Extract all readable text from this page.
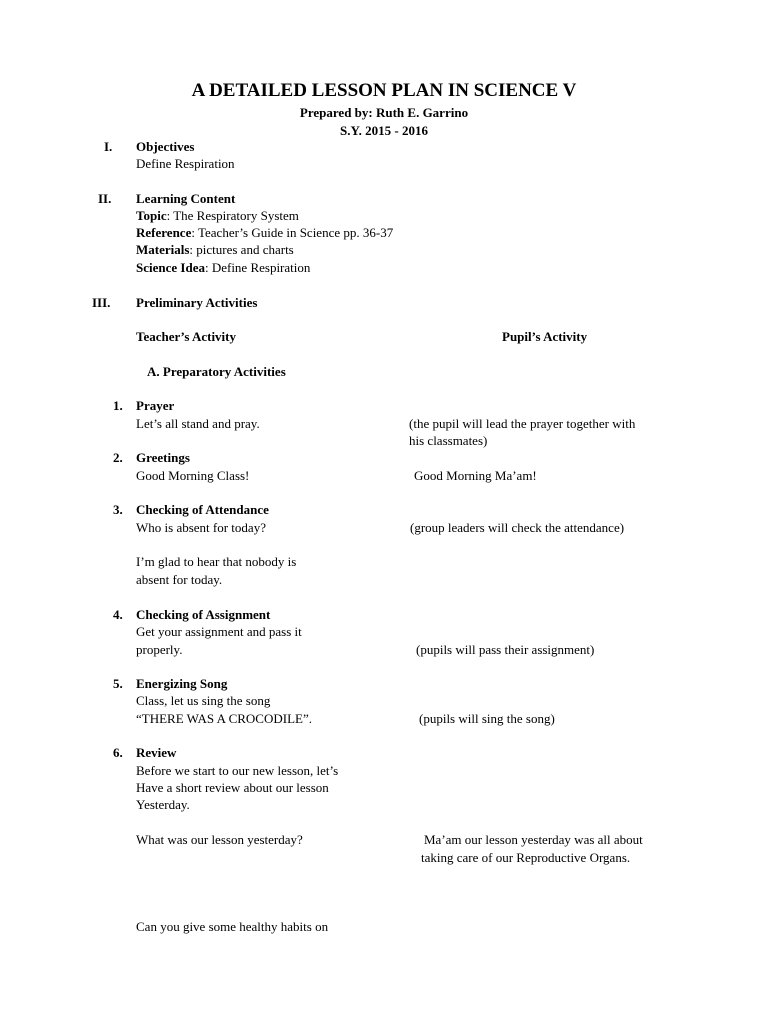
A DETAILED LESSON PLAN IN SCIENCE V
Prepared by: Ruth E. Garrino
S.Y. 2015 - 2016
I. Objectives
Define Respiration
II. Learning Content
Topic: The Respiratory System
Reference: Teacher’s Guide in Science pp. 36-37
Materials: pictures and charts
Science Idea: Define Respiration
III. Preliminary Activities
Teacher’s Activity	Pupil’s Activity
A. Preparatory Activities
1. Prayer
Let’s all stand and pray.	(the pupil will lead the prayer together with
his classmates)
2. Greetings
Good Morning Class!	Good Morning Ma’am!
3. Checking of Attendance
Who is absent for today?	(group leaders will check the attendance)
I’m glad to hear that nobody is
absent for today.
4. Checking of Assignment
Get your assignment and pass it
properly.	(pupils will pass their assignment)
5. Energizing Song
Class, let us sing the song
“THERE WAS A CROCODILE”.	(pupils will sing the song)
6. Review
Before we start to our new lesson, let’s
Have a short review about our lesson
Yesterday.
What was our lesson yesterday?	Ma’am our lesson yesterday was all about
taking care of our Reproductive Organs.
Can you give some healthy habits on
